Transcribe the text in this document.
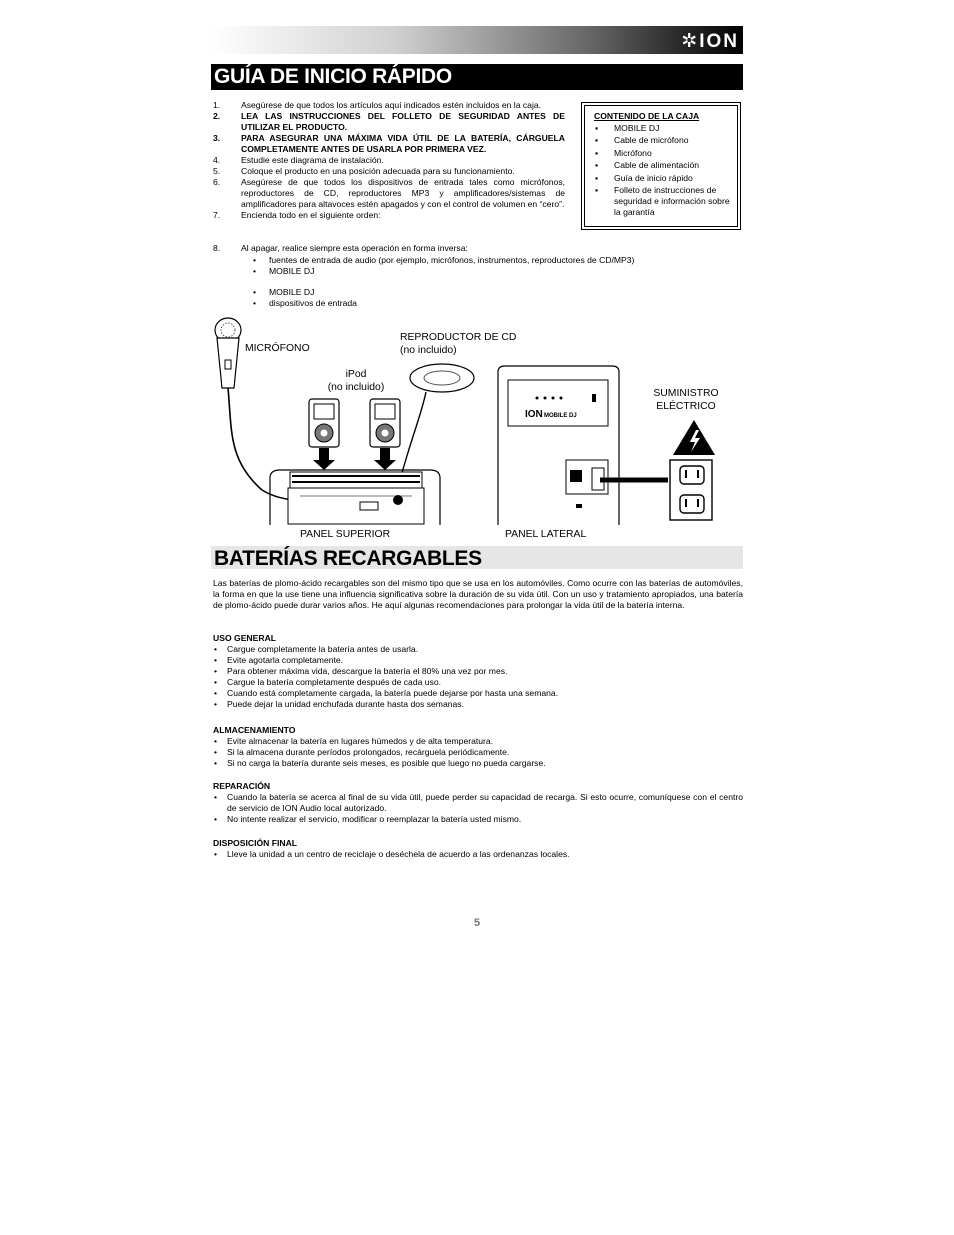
✲ION
GUÍA DE INICIO RÁPIDO
1. Asegúrese de que todos los artículos aquí indicados estén incluidos en la caja.
2. LEA LAS INSTRUCCIONES DEL FOLLETO DE SEGURIDAD ANTES DE UTILIZAR EL PRODUCTO.
3. PARA ASEGURAR UNA MÁXIMA VIDA ÚTIL DE LA BATERÍA, CÁRGUELA COMPLETAMENTE ANTES DE USARLA POR PRIMERA VEZ.
4. Estudie este diagrama de instalación.
5. Coloque el producto en una posición adecuada para su funcionamiento.
6. Asegúrese de que todos los dispositivos de entrada tales como micrófonos, reproductores de CD, reproductores MP3 y amplificadores/sistemas de amplificadores para altavoces estén apagados y con el control de volumen en “cero”.
7. Encienda todo en el siguiente orden:
8. Al apagar, realice siempre esta operación en forma inversa:
• fuentes de entrada de audio (por ejemplo, micrófonos, instrumentos, reproductores de CD/MP3)
• MOBILE DJ
• MOBILE DJ
• dispositivos de entrada
CONTENIDO DE LA CAJA
▪ MOBILE DJ
▪ Cable de micrófono
▪ Micrófono
▪ Cable de alimentación
▪ Guía de inicio rápido
▪ Folleto de instrucciones de seguridad e información sobre la garantía
ION MOBILE DJ
MICRÓFONO
REPRODUCTOR DE CD
(no incluido)
iPod
(no incluido)
SUMINISTRO
ELÉCTRICO
PANEL SUPERIOR	PANEL LATERAL
BATERÍAS RECARGABLES
Las baterías de plomo-ácido recargables son del mismo tipo que se usa en los automóviles. Como ocurre con las baterías de automóviles, la forma en que la use tiene una influencia significativa sobre la duración de su vida útil. Con un uso y tratamiento apropiados, una batería de plomo-ácido puede durar varios años. He aquí algunas recomendaciones para prolongar la vida útil de la batería interna.
USO GENERAL
• Cargue completamente la batería antes de usarla.
• Evite agotarla completamente.
• Para obtener máxima vida, descargue la batería el 80% una vez por mes.
• Cargue la batería completamente después de cada uso.
• Cuando está completamente cargada, la batería puede dejarse por hasta una semana.
• Puede dejar la unidad enchufada durante hasta dos semanas.
ALMACENAMIENTO
• Evite almacenar la batería en lugares húmedos y de alta temperatura.
• Si la almacena durante períodos prolongados, recárguela periódicamente.
• Si no carga la batería durante seis meses, es posible que luego no pueda cargarse.
REPARACIÓN
• Cuando la batería se acerca al final de su vida útil, puede perder su capacidad de recarga. Si esto ocurre, comuníquese con el centro de servicio de ION Audio local autorizado.
• No intente realizar el servicio, modificar o reemplazar la batería usted mismo.
DISPOSICIÓN FINAL
• Lleve la unidad a un centro de reciclaje o deséchela de acuerdo a las ordenanzas locales.
5
